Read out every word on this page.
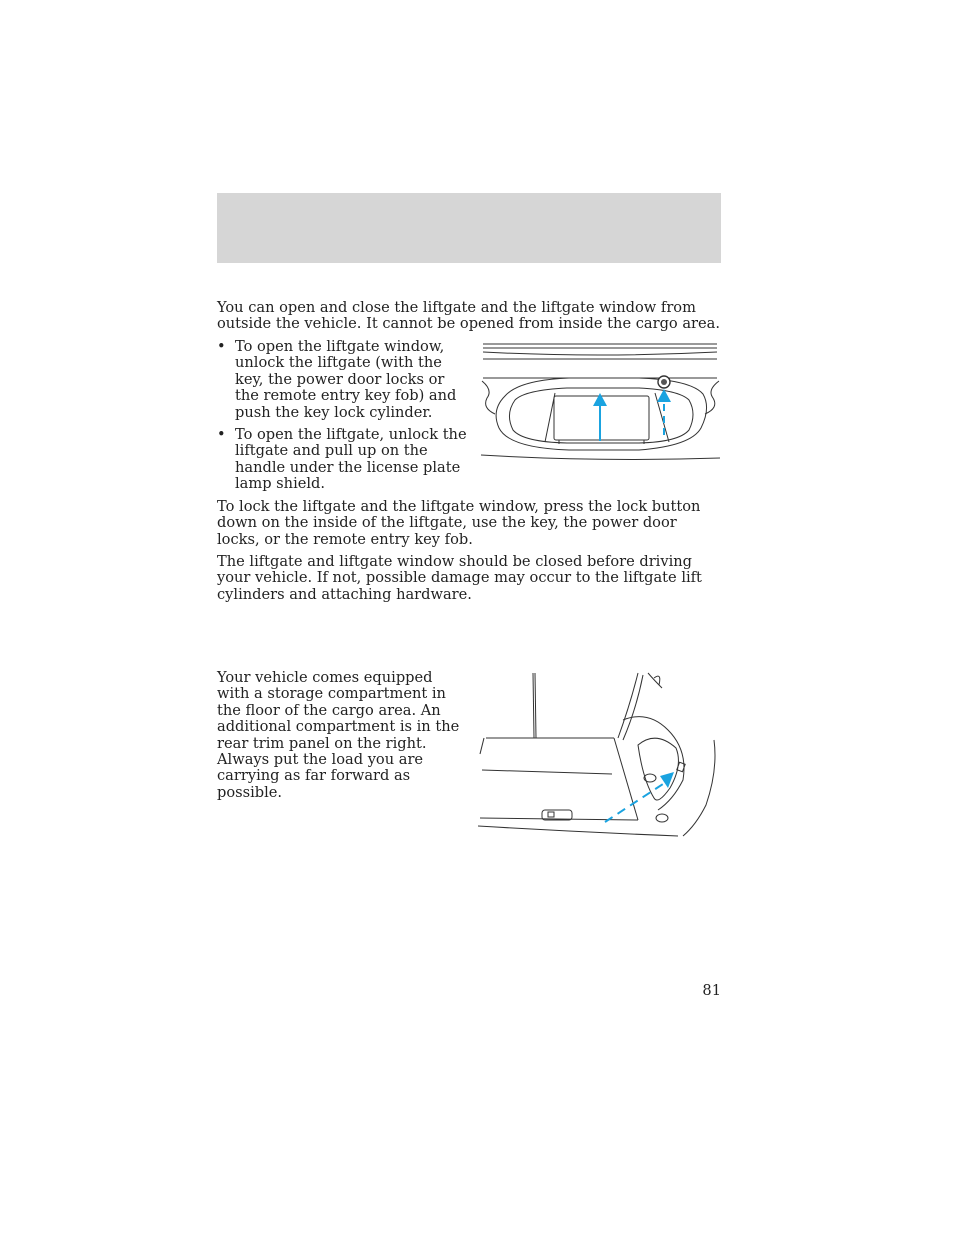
You can open and close the liftgate and the liftgate window from outside the vehicle. It cannot be opened from inside the cargo area.

• To open the liftgate window, unlock the liftgate (with the key, the power door locks or the remote entry key fob) and push the key lock cylinder.
• To open the liftgate, unlock the liftgate and pull up on the handle under the license plate lamp shield.

To lock the liftgate and the liftgate window, press the lock button down on the inside of the liftgate, use the key, the power door locks, or the remote entry key fob.

The liftgate and liftgate window should be closed before driving your vehicle. If not, possible damage may occur to the liftgate lift cylinders and attaching hardware.

Your vehicle comes equipped with a storage compartment in the floor of the cargo area. An additional compartment is in the rear trim panel on the right. Always put the load you are carrying as far forward as possible.

81
